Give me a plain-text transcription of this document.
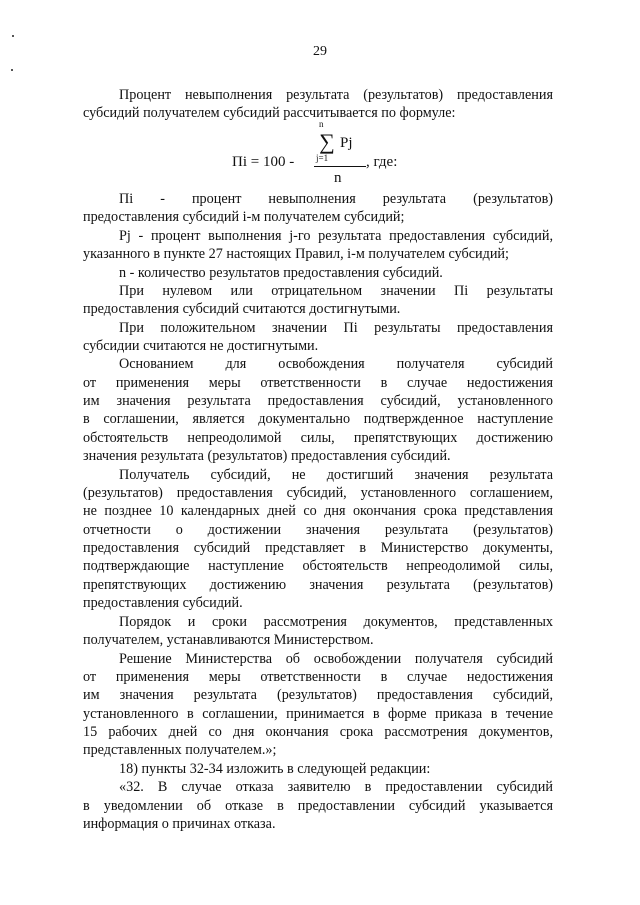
29
Процент невыполнения результата (результатов) предоставления
субсидий получателем субсидий рассчитывается по формуле:
Пi = 100 -
n
∑ Pj
j=1
n
, где:
Пi - процент невыполнения результата (результатов)
предоставления субсидий i-м получателем субсидий;
Pj - процент выполнения j-го результата предоставления субсидий,
указанного в пункте 27 настоящих Правил, i-м получателем субсидий;
n - количество результатов предоставления субсидий.
При нулевом или отрицательном значении Пi результаты
предоставления субсидий считаются достигнутыми.
При положительном значении Пi результаты предоставления
субсидии считаются не достигнутыми.
Основанием для освобождения получателя субсидий
от применения меры ответственности в случае недостижения
им значения результата предоставления субсидий, установленного
в соглашении, является документально подтвержденное наступление
обстоятельств непреодолимой силы, препятствующих достижению
значения результата (результатов) предоставления субсидий.
Получатель субсидий, не достигший значения результата
(результатов) предоставления субсидий, установленного соглашением,
не позднее 10 календарных дней со дня окончания срока представления
отчетности о достижении значения результата (результатов)
предоставления субсидий представляет в Министерство документы,
подтверждающие наступление обстоятельств непреодолимой силы,
препятствующих достижению значения результата (результатов)
предоставления субсидий.
Порядок и сроки рассмотрения документов, представленных
получателем, устанавливаются Министерством.
Решение Министерства об освобождении получателя субсидий
от применения меры ответственности в случае недостижения
им значения результата (результатов) предоставления субсидий,
установленного в соглашении, принимается в форме приказа в течение
15 рабочих дней со дня окончания срока рассмотрения документов,
представленных получателем.»;
18) пункты 32-34 изложить в следующей редакции:
«32. В случае отказа заявителю в предоставлении субсидий
в уведомлении об отказе в предоставлении субсидий указывается
информация о причинах отказа.
